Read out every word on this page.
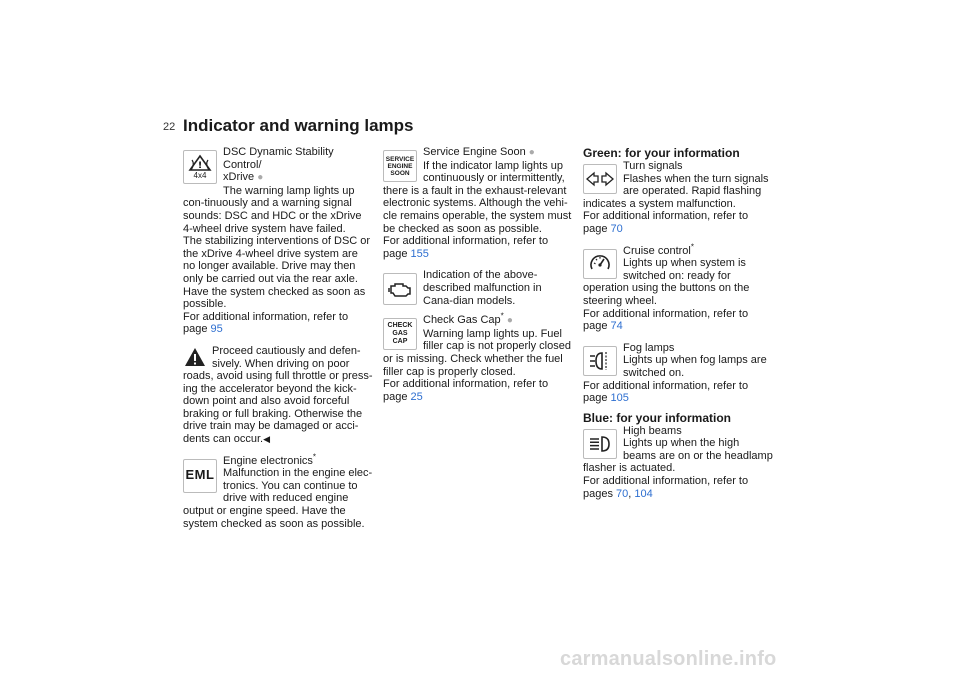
22 Indicator and warning lamps
!
4x4

DSC Dynamic Stability Control/

xDrive ●

The warning lamp lights up con-tinuously and a warning signal sounds: DSC and HDC or the xDrive 4-wheel drive system have failed.

The stabilizing interventions of DSC or the xDrive 4-wheel drive system are no longer available. Drive may then only be carried out via the rear axle.

Have the system checked as soon as possible.

For additional information, refer to page 95

Proceed cautiously and defen-sively. When driving on poor roads, avoid using full throttle or press-ing the accelerator beyond the kick-down point and also avoid forceful braking or full braking. Otherwise the drive train may be damaged or acci-dents can occur.◀

EML

Engine electronics*

Malfunction in the engine elec-tronics. You can continue to drive with reduced engine output or engine speed. Have the system checked as soon as possible.

SERVICE ENGINE SOON

Service Engine Soon ●

If the indicator lamp lights up continuously or intermittently, there is a fault in the exhaust-relevant electronic systems. Although the vehi-cle remains operable, the system must be checked as soon as possible.

For additional information, refer to page 155

Indication of the above-described malfunction in Cana-dian models.

CHECK GAS CAP

Check Gas Cap* ●

Warning lamp lights up. Fuel filler cap is not properly closed or is missing. Check whether the fuel filler cap is properly closed.

For additional information, refer to page 25

Green: for your information

Turn signals

Flashes when the turn signals are operated. Rapid flashing indicates a system malfunction.

For additional information, refer to page 70

Cruise control*

Lights up when system is switched on: ready for operation using the buttons on the steering wheel.

For additional information, refer to page 74

Fog lamps

Lights up when fog lamps are switched on.

For additional information, refer to page 105

Blue: for your information

High beams

Lights up when the high beams are on or the headlamp flasher is actuated.

For additional information, refer to pages 70, 104

carmanualsonline.info
